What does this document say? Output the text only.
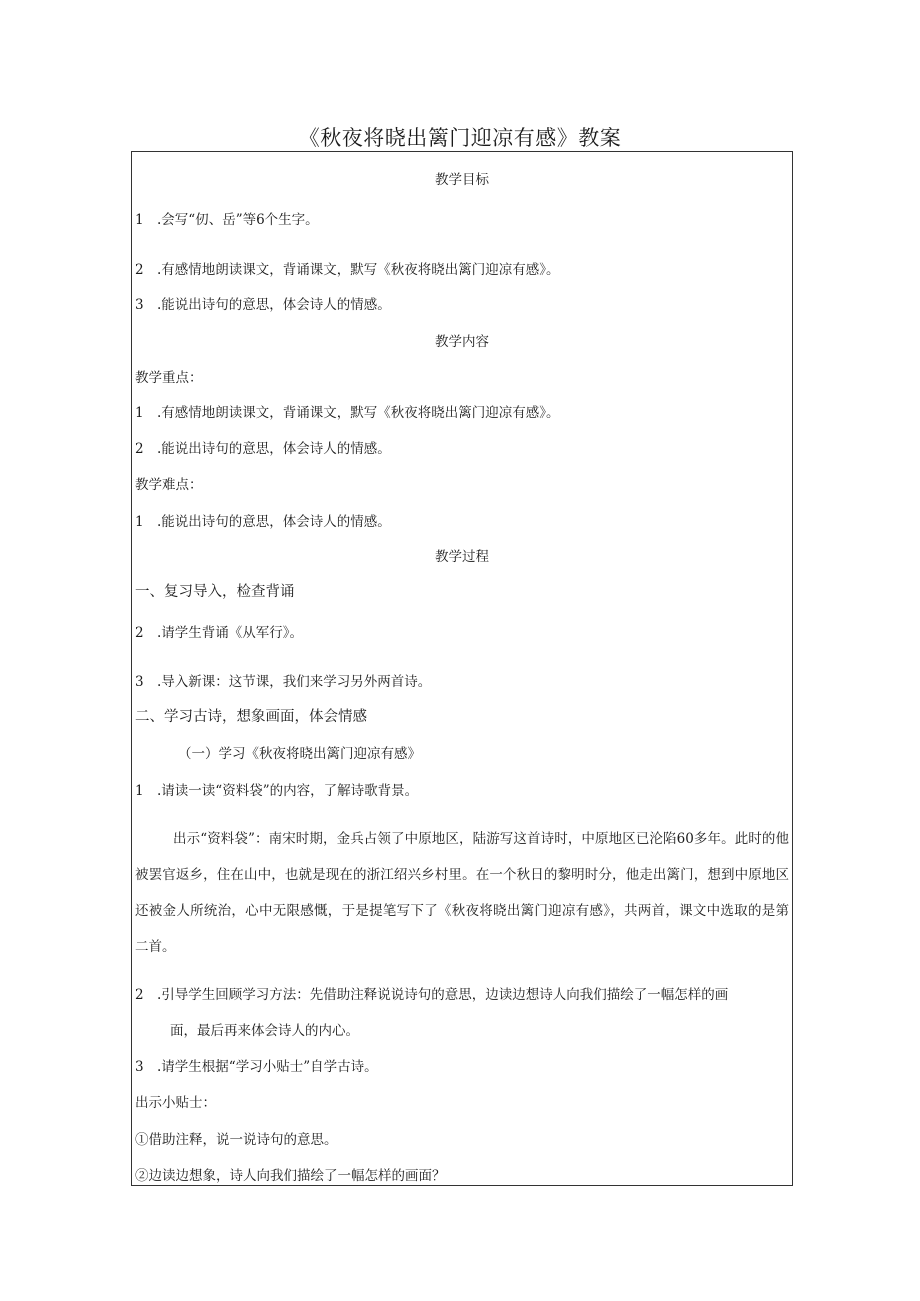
《秋夜将晓出篱门迎凉有感》教案
教学目标
1 .会写“仞、岳”等6个生字。
2 .有感情地朗读课文，背诵课文，默写《秋夜将晓出篱门迎凉有感》。
3 .能说出诗句的意思，体会诗人的情感。
教学内容
教学重点：
1 .有感情地朗读课文，背诵课文，默写《秋夜将晓出篱门迎凉有感》。
2 .能说出诗句的意思，体会诗人的情感。
教学难点：
1 .能说出诗句的意思，体会诗人的情感。
教学过程
一、复习导入，检查背诵
2 .请学生背诵《从军行》。
3 .导入新课：这节课，我们来学习另外两首诗。
二、学习古诗，想象画面，体会情感
（一）学习《秋夜将晓出篱门迎凉有感》
1 .请读一读“资料袋”的内容，了解诗歌背景。
出示“资料袋”：南宋时期，金兵占领了中原地区，陆游写这首诗时，中原地区已沦陷60多年。此时的他被罢官返乡，住在山中，也就是现在的浙江绍兴乡村里。在一个秋日的黎明时分，他走出篱门，想到中原地区还被金人所统治，心中无限感慨，于是提笔写下了《秋夜将晓出篱门迎凉有感》，共两首，课文中选取的是第二首。
2 .引导学生回顾学习方法：先借助注释说说诗句的意思，边读边想诗人向我们描绘了一幅怎样的画
面，最后再来体会诗人的内心。
3 .请学生根据“学习小贴士”自学古诗。
出示小贴士：
①借助注释，说一说诗句的意思。
②边读边想象，诗人向我们描绘了一幅怎样的画面？
